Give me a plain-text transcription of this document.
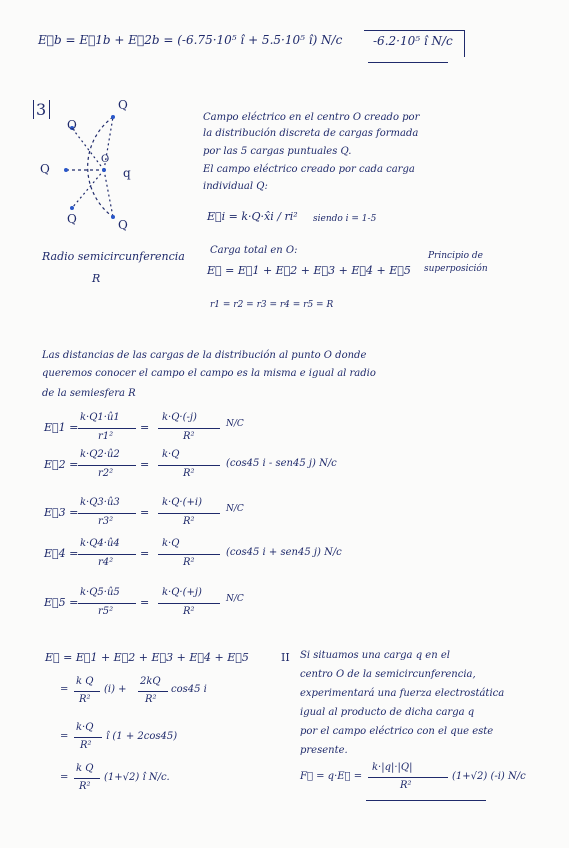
E⃗b = E⃗1b + E⃗2b = (-6.75·10⁵ î + 5.5·10⁵ î) N/c	-6.2·10⁵ î N/c
3	Q
Q
Q
Q	Q
O
q
Radio semicircunferencia
R
Campo eléctrico en el centro O creado por
la distribución discreta de cargas formada
por las 5 cargas puntuales Q.
El campo eléctrico creado por cada carga
individual Q:
E⃗i = k·Q·x̂i / ri² siendo i = 1-5
Carga total en O:
E⃗ = E⃗1 + E⃗2 + E⃗3 + E⃗4 + E⃗5
Principio de
superposición
r1 = r2 = r3 = r4 = r5 = R
Las distancias de las cargas de la distribución al punto O donde
queremos conocer el campo el campo es la misma e igual al radio
de la semiesfera R
E⃗1 =
k·Q1·û1
r1²
=
k·Q·(-j)
R²
N/C
E⃗2 =
k·Q2·û2
r2²
=
k·Q
R²
(cos45 i - sen45 j) N/c
E⃗3 =
k·Q3·û3
r3²
=
k·Q·(+i)
R²
N/C
E⃗4 =
k·Q4·û4
r4²
=
k·Q
R²
(cos45 i + sen45 j) N/c
E⃗5 =
k·Q5·û5
r5²
=
k·Q·(+j)
R²
N/C
E⃗ = E⃗1 + E⃗2 + E⃗3 + E⃗4 + E⃗5
=
k Q
R²
(i) +
2kQ
R²
cos45 i
=
k·Q
R²
î (1 + 2cos45)
=
k Q
R²
(1+√2) î N/c.
II Si situamos una carga q en el
centro O de la semicircunferencia,
experimentará una fuerza electrostática
igual al producto de dicha carga q
por el campo eléctrico con el que este
presente.
F⃗ = q·E⃗ =
k·|q|·|Q|
R²
(1+√2) (-i) N/c
